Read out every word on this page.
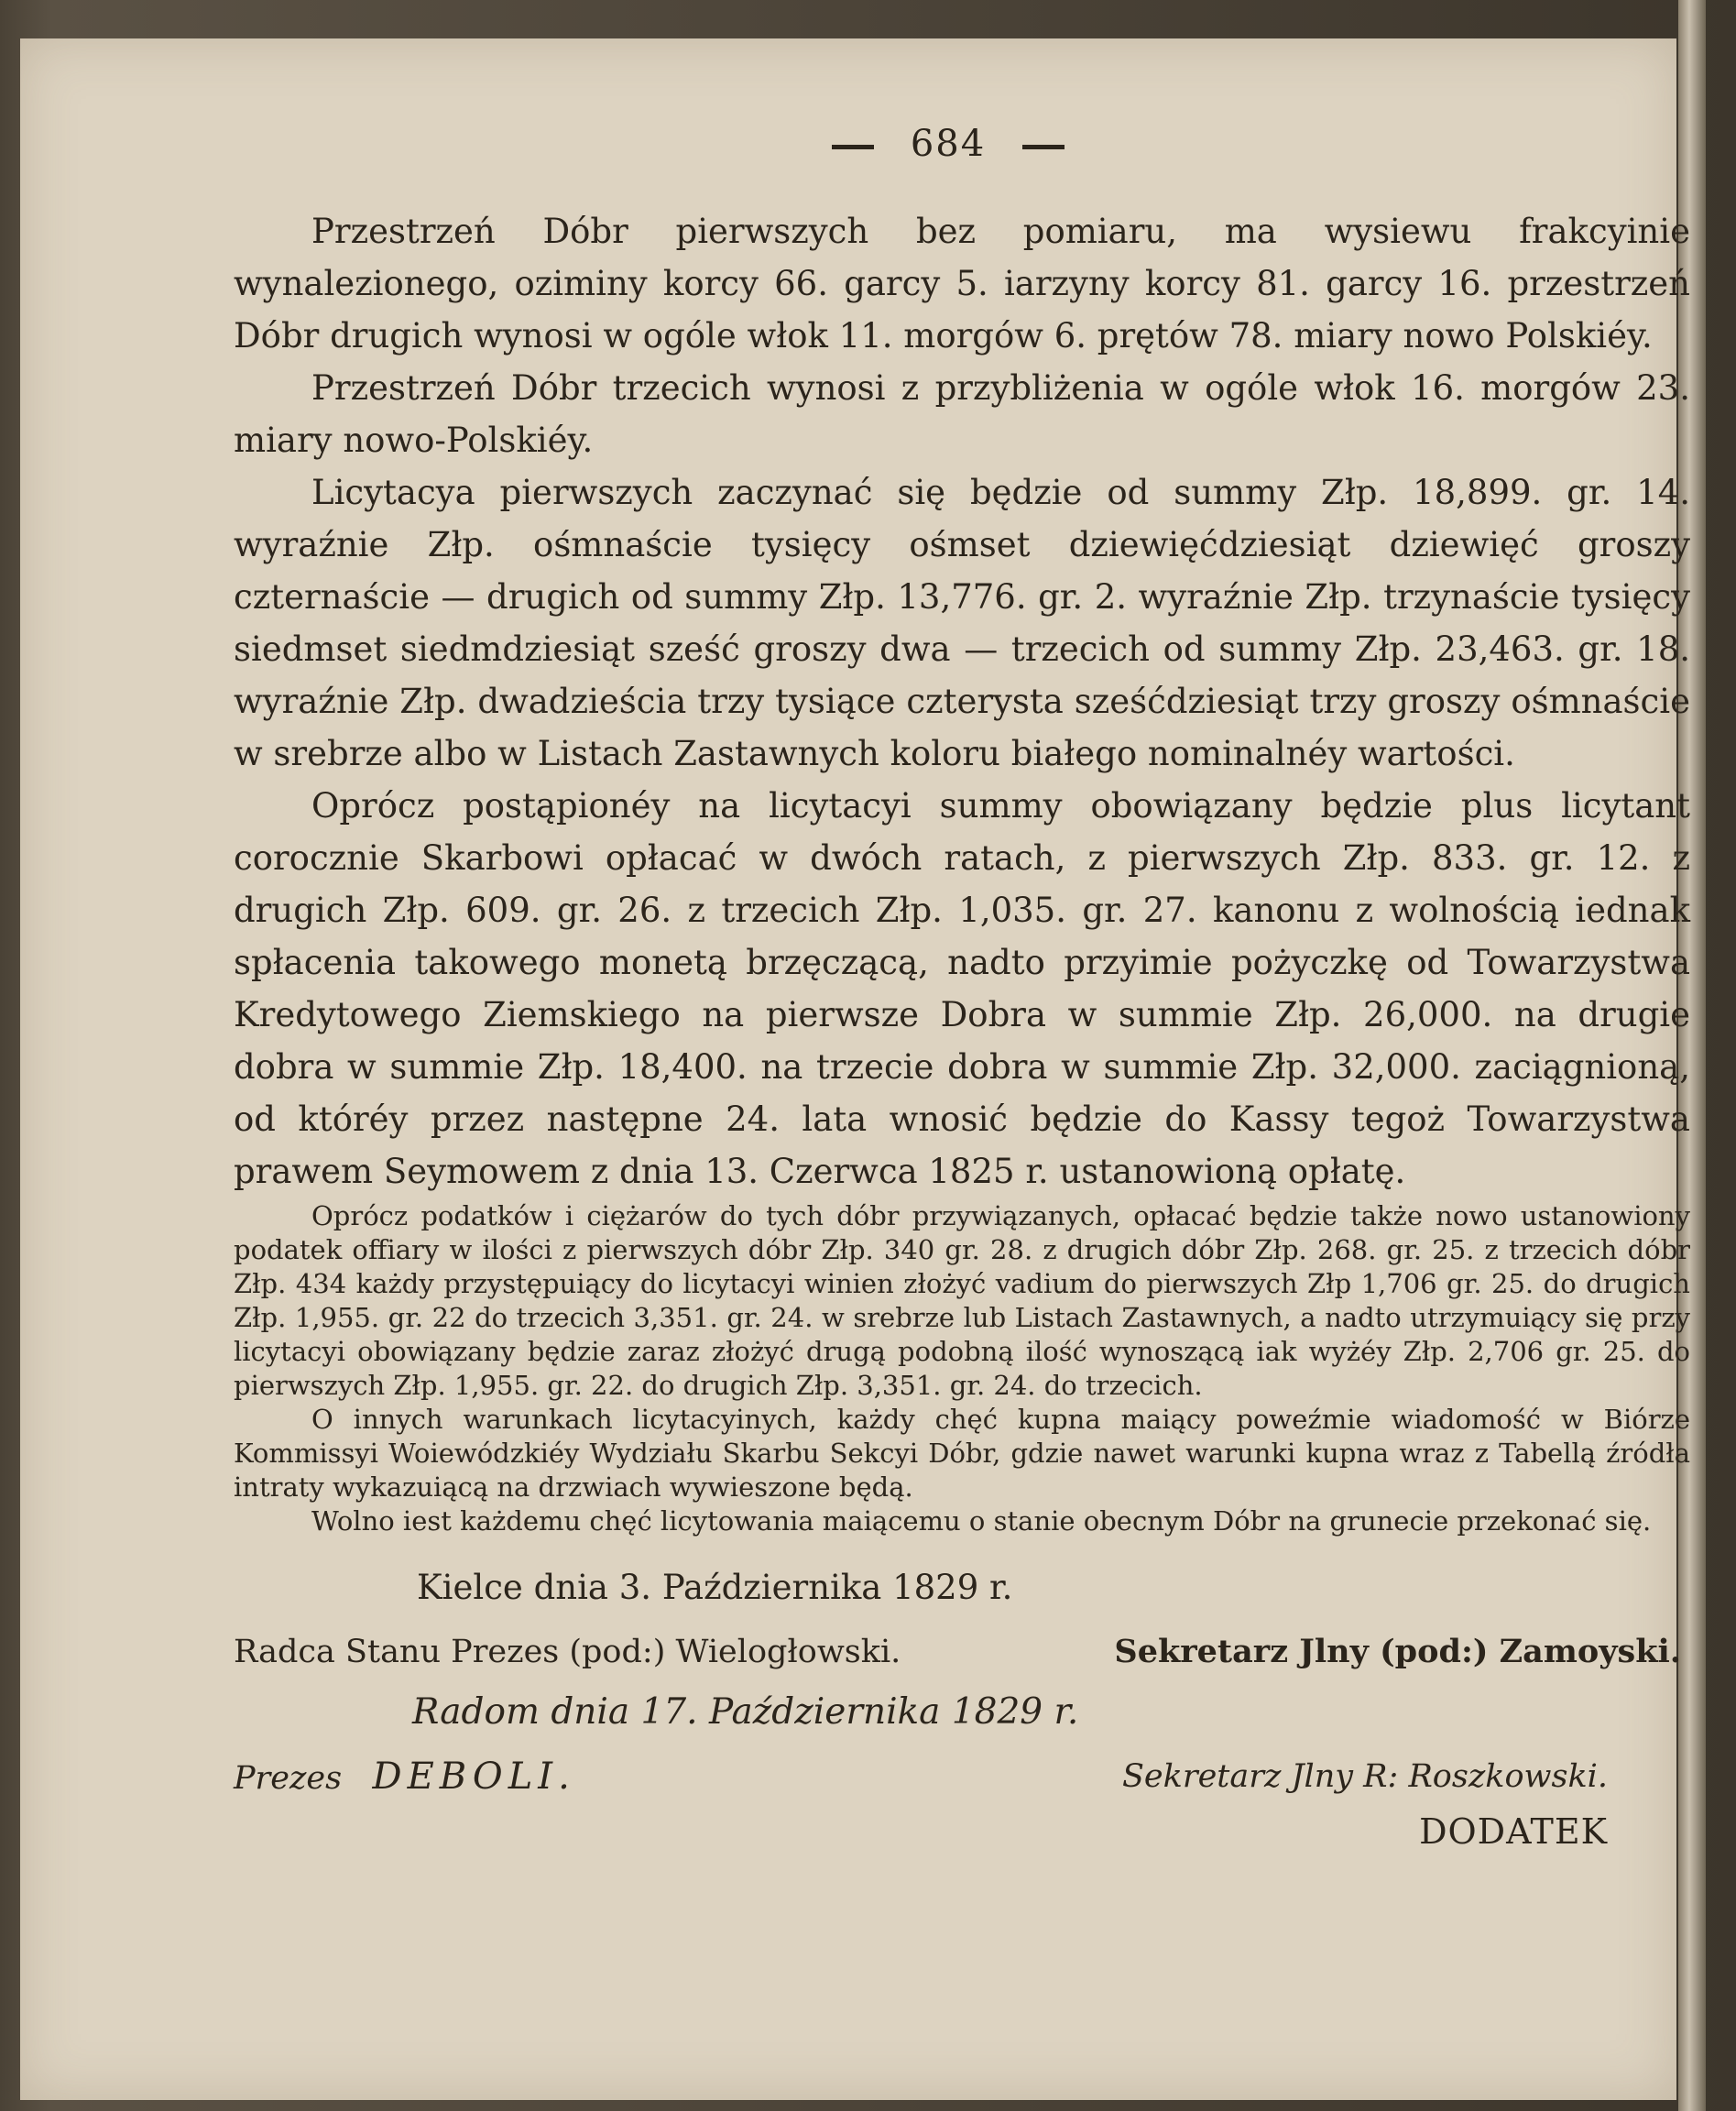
684

Przestrzeń Dóbr pierwszych bez pomiaru, ma wysiewu frakcyinie wynalezionego, oziminy korcy 66. garcy 5. iarzyny korcy 81. garcy 16. przestrzeń Dóbr drugich wynosi w ogóle włok 11. morgów 6. prętów 78. miary nowo Polskiéy.

Przestrzeń Dóbr trzecich wynosi z przybliżenia w ogóle włok 16. morgów 23. miary nowo-Polskiéy.

Licytacya pierwszych zaczynać się będzie od summy Złp. 18,899. gr. 14. wyraźnie Złp. ośmnaście tysięcy ośmset dziewięćdziesiąt dziewięć groszy czternaście — drugich od summy Złp. 13,776. gr. 2. wyraźnie Złp. trzynaście tysięcy siedmset siedmdziesiąt sześć groszy dwa — trzecich od summy Złp. 23,463. gr. 18. wyraźnie Złp. dwadzieścia trzy tysiące czterysta sześćdziesiąt trzy groszy ośmnaście w srebrze albo w Listach Zastawnych koloru białego nominalnéy wartości.

Oprócz postąpionéy na licytacyi summy obowiązany będzie plus licytant corocznie Skarbowi opłacać w dwóch ratach, z pierwszych Złp. 833. gr. 12. z drugich Złp. 609. gr. 26. z trzecich Złp. 1,035. gr. 27. kanonu z wolnością iednak spłacenia takowego monetą brzęczącą, nadto przyimie pożyczkę od Towarzystwa Kredytowego Ziemskiego na pierwsze Dobra w summie Złp. 26,000. na drugie dobra w summie Złp. 18,400. na trzecie dobra w summie Złp. 32,000. zaciągnioną, od któréy przez następne 24. lata wnosić będzie do Kassy tegoż Towarzystwa prawem Seymowem z dnia 13. Czerwca 1825 r. ustanowioną opłatę.

Oprócz podatków i ciężarów do tych dóbr przywiązanych, opłacać będzie także nowo ustanowiony podatek offiary w ilości z pierwszych dóbr Złp. 340 gr. 28. z drugich dóbr Złp. 268. gr. 25. z trzecich dóbr Złp. 434 każdy przystępuiący do licytacyi winien złożyć vadium do pierwszych Złp 1,706 gr. 25. do drugich Złp. 1,955. gr. 22 do trzecich 3,351. gr. 24. w srebrze lub Listach Zastawnych, a nadto utrzymuiący się przy licytacyi obowiązany będzie zaraz złożyć drugą podobną ilość wynoszącą iak wyżéy Złp. 2,706 gr. 25. do pierwszych Złp. 1,955. gr. 22. do drugich Złp. 3,351. gr. 24. do trzecich.

O innych warunkach licytacyinych, każdy chęć kupna maiący poweźmie wiadomość w Biórze Kommissyi Woiewódzkiéy Wydziału Skarbu Sekcyi Dóbr, gdzie nawet warunki kupna wraz z Tabellą źródła intraty wykazuiącą na drzwiach wywieszone będą.

Wolno iest każdemu chęć licytowania maiącemu o stanie obecnym Dóbr na grunecie przekonać się.

Kielce dnia 3. Października 1829 r.
Radca Stanu Prezes (pod:) Wielogłowski.	Sekretarz Jlny (pod:) Zamoyski.
Radom dnia 17. Października 1829 r.
Prezes DEBOLI.	Sekretarz Jlny R: Roszkowski.
DODATEK
